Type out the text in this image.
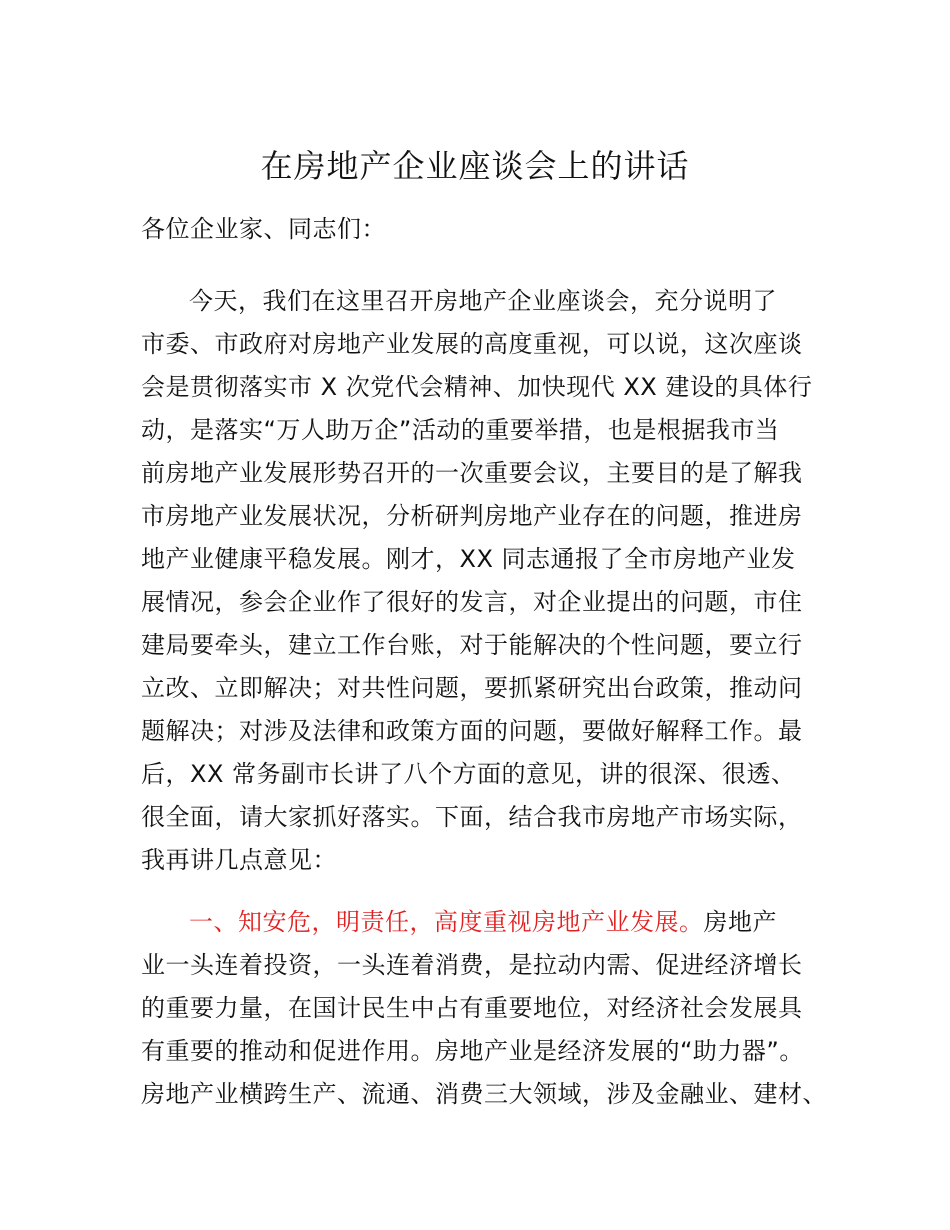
在房地产企业座谈会上的讲话
各位企业家、同志们：
今天，我们在这里召开房地产企业座谈会，充分说明了
市委、市政府对房地产业发展的高度重视，可以说，这次座谈
会是贯彻落实市 X 次党代会精神、加快现代 XX 建设的具体行
动，是落实“万人助万企”活动的重要举措，也是根据我市当
前房地产业发展形势召开的一次重要会议，主要目的是了解我
市房地产业发展状况，分析研判房地产业存在的问题，推进房
地产业健康平稳发展。刚才，XX 同志通报了全市房地产业发
展情况，参会企业作了很好的发言，对企业提出的问题，市住
建局要牵头，建立工作台账，对于能解决的个性问题，要立行
立改、立即解决；对共性问题，要抓紧研究出台政策，推动问
题解决；对涉及法律和政策方面的问题，要做好解释工作。最
后，XX 常务副市长讲了八个方面的意见，讲的很深、很透、
很全面，请大家抓好落实。下面，结合我市房地产市场实际，
我再讲几点意见：
一、知安危，明责任，高度重视房地产业发展。房地产
业一头连着投资，一头连着消费，是拉动内需、促进经济增长
的重要力量，在国计民生中占有重要地位，对经济社会发展具
有重要的推动和促进作用。房地产业是经济发展的“助力器”。
房地产业横跨生产、流通、消费三大领域，涉及金融业、建材、
